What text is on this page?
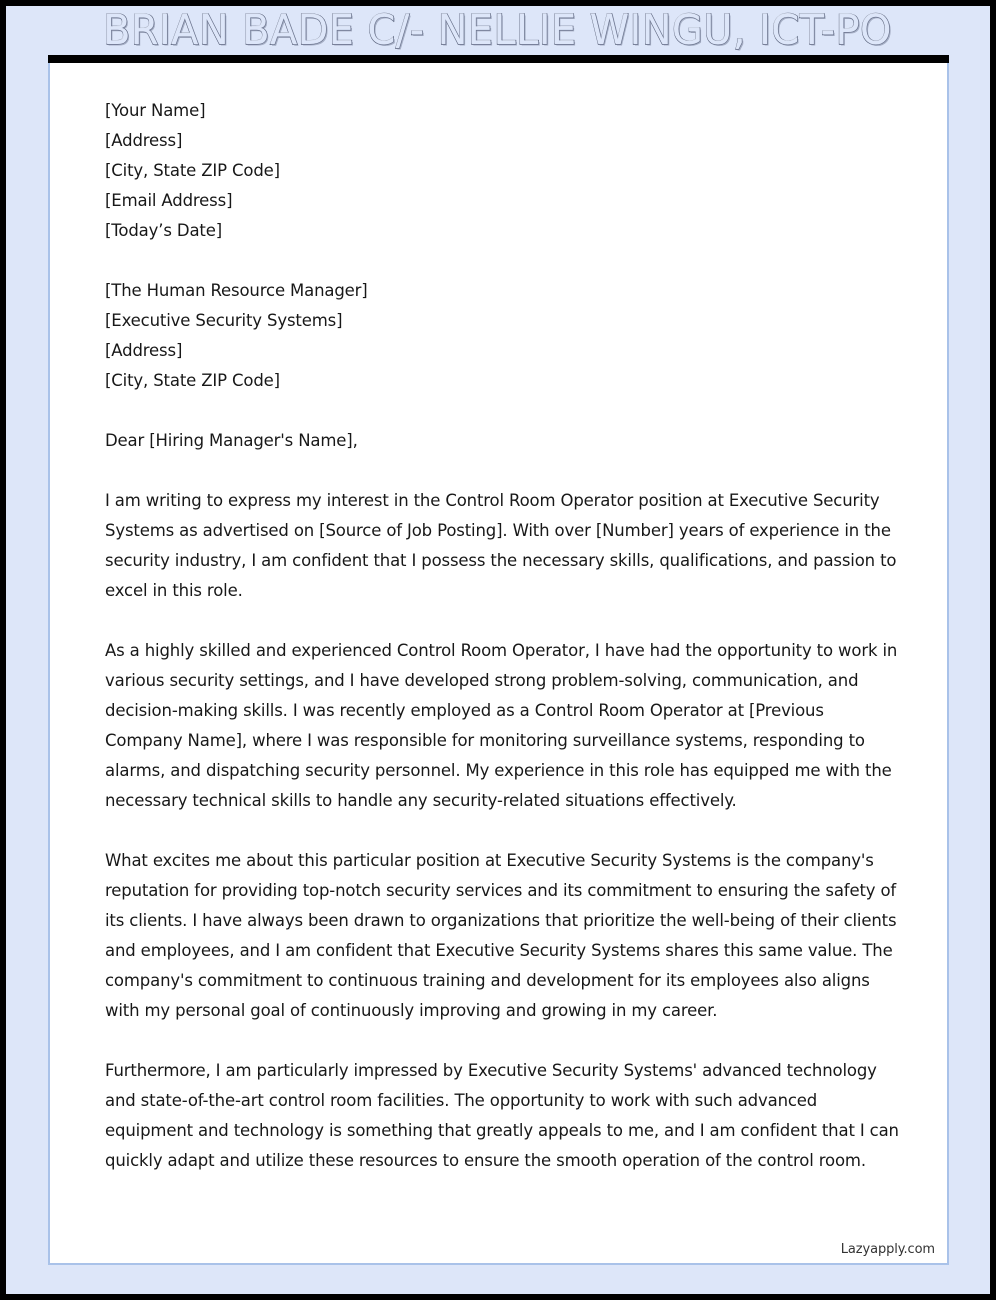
BRIAN BADE C/- NELLIE WINGU, ICT-PO
[Your Name]
[Address]
[City, State ZIP Code]
[Email Address]
[Today’s Date]
[The Human Resource Manager]
[Executive Security Systems]
[Address]
[City, State ZIP Code]
Dear [Hiring Manager's Name],

I am writing to express my interest in the Control Room Operator position at Executive Security Systems as advertised on [Source of Job Posting]. With over [Number] years of experience in the security industry, I am confident that I possess the necessary skills, qualifications, and passion to excel in this role.

As a highly skilled and experienced Control Room Operator, I have had the opportunity to work in various security settings, and I have developed strong problem-solving, communication, and decision-making skills. I was recently employed as a Control Room Operator at [Previous Company Name], where I was responsible for monitoring surveillance systems, responding to alarms, and dispatching security personnel. My experience in this role has equipped me with the necessary technical skills to handle any security-related situations effectively.

What excites me about this particular position at Executive Security Systems is the company's reputation for providing top-notch security services and its commitment to ensuring the safety of its clients. I have always been drawn to organizations that prioritize the well-being of their clients and employees, and I am confident that Executive Security Systems shares this same value. The company's commitment to continuous training and development for its employees also aligns with my personal goal of continuously improving and growing in my career.

Furthermore, I am particularly impressed by Executive Security Systems' advanced technology and state-of-the-art control room facilities. The opportunity to work with such advanced equipment and technology is something that greatly appeals to me, and I am confident that I can quickly adapt and utilize these resources to ensure the smooth operation of the control room.

Lazyapply.com
